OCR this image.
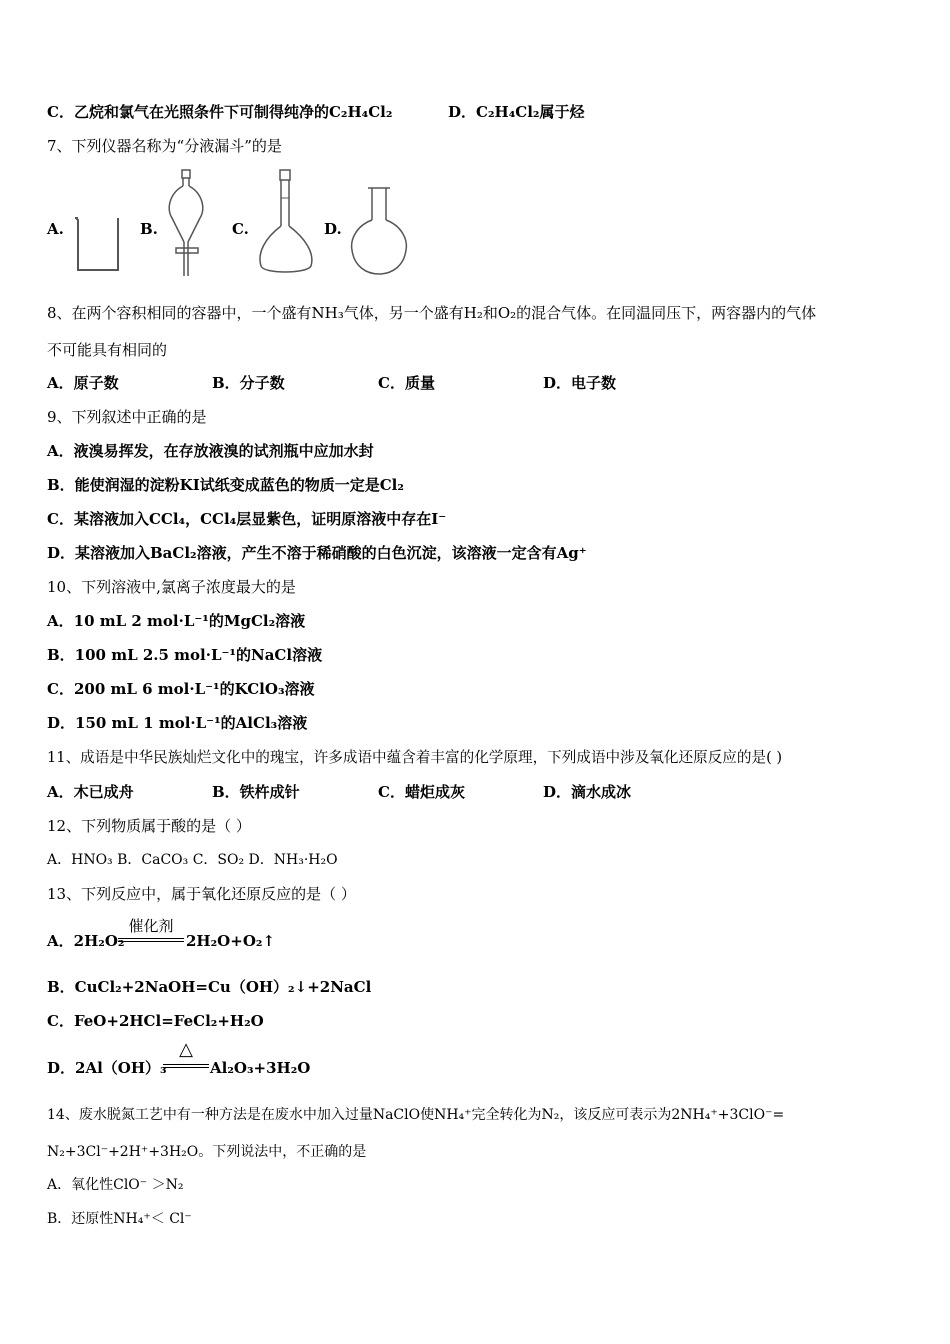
C．乙烷和氯气在光照条件下可制得纯净的C₂H₄Cl₂	D．C₂H₄Cl₂属于烃
7、下列仪器名称为“分液漏斗”的是
A.	B.	C.	D.
8、在两个容积相同的容器中，一个盛有NH₃气体，另一个盛有H₂和O₂的混合气体。在同温同压下，两容器内的气体
不可能具有相同的
A．原子数	B．分子数	C．质量	D．电子数
9、下列叙述中正确的是
A．液溴易挥发，在存放液溴的试剂瓶中应加水封
B．能使润湿的淀粉KI试纸变成蓝色的物质一定是Cl₂
C．某溶液加入CCl₄，CCl₄层显紫色，证明原溶液中存在I⁻
D．某溶液加入BaCl₂溶液，产生不溶于稀硝酸的白色沉淀，该溶液一定含有Ag⁺
10、下列溶液中,氯离子浓度最大的是
A．10 mL 2 mol·L⁻¹的MgCl₂溶液
B．100 mL 2.5 mol·L⁻¹的NaCl溶液
C．200 mL 6 mol·L⁻¹的KClO₃溶液
D．150 mL 1 mol·L⁻¹的AlCl₃溶液
11、成语是中华民族灿烂文化中的瑰宝，许多成语中蕴含着丰富的化学原理，下列成语中涉及氧化还原反应的是( )
A．木已成舟	B．铁杵成针	C．蜡炬成灰	D．滴水成冰
12、下列物质属于酸的是（ ）
A．HNO₃ B．CaCO₃ C．SO₂ D．NH₃·H₂O
13、下列反应中，属于氧化还原反应的是（ ）
A．2H₂O₂
催化剂
2H₂O+O₂↑
B．CuCl₂+2NaOH=Cu（OH）₂↓+2NaCl
C．FeO+2HCl=FeCl₂+H₂O
D．2Al（OH）₃
△
Al₂O₃+3H₂O
14、废水脱氮工艺中有一种方法是在废水中加入过量NaClO使NH₄⁺完全转化为N₂，该反应可表示为2NH₄⁺+3ClO⁻=
N₂+3Cl⁻+2H⁺+3H₂O。下列说法中，不正确的是
A．氧化性ClO⁻ ＞N₂
B．还原性NH₄⁺＜ Cl⁻
